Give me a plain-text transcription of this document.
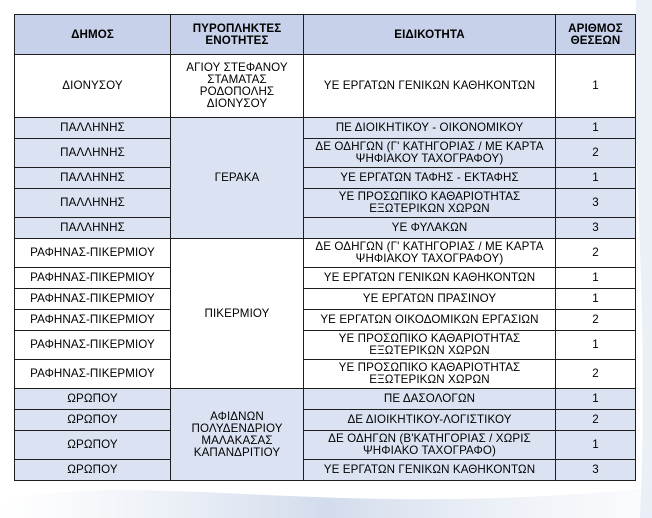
ΔΗΜΟΣ	ΠΥΡΟΠΛΗΚΤΕΣ ΕΝΟΤΗΤΕΣ	ΕΙΔΙΚΟΤΗΤΑ	ΑΡΙΘΜΟΣ ΘΕΣΕΩΝ
ΔΙΟΝΥΣΟΥ	ΑΓΙΟΥ ΣΤΕΦΑΝΟΥ ΣΤΑΜΑΤΑΣ ΡΟΔΟΠΟΛΗΣ ΔΙΟΝΥΣΟΥ	ΥΕ ΕΡΓΑΤΩΝ ΓΕΝΙΚΩΝ ΚΑΘΗΚΟΝΤΩΝ	1
ΠΑΛΛΗΝΗΣ	ΓΕΡΑΚΑ	ΠΕ ΔΙΟΙΚΗΤΙΚΟΥ - ΟΙΚΟΝΟΜΙΚΟΥ	1
ΠΑΛΛΗΝΗΣ		ΔΕ ΟΔΗΓΩΝ (Γ' ΚΑΤΗΓΟΡΙΑΣ / ΜΕ ΚΑΡΤΑ ΨΗΦΙΑΚΟΥ ΤΑΧΟΓΡΑΦΟΥ)	2
ΠΑΛΛΗΝΗΣ		ΥΕ ΕΡΓΑΤΩΝ ΤΑΦΗΣ - ΕΚΤΑΦΗΣ	1
ΠΑΛΛΗΝΗΣ		ΥΕ ΠΡΟΣΩΠΙΚΟ ΚΑΘΑΡΙΟΤΗΤΑΣ ΕΞΩΤΕΡΙΚΩΝ ΧΩΡΩΝ	3
ΠΑΛΛΗΝΗΣ		ΥΕ ΦΥΛΑΚΩΝ	3
ΡΑΦΗΝΑΣ-ΠΙΚΕΡΜΙΟΥ	ΠΙΚΕΡΜΙΟΥ	ΔΕ ΟΔΗΓΩΝ (Γ' ΚΑΤΗΓΟΡΙΑΣ / ΜΕ ΚΑΡΤΑ ΨΗΦΙΑΚΟΥ ΤΑΧΟΓΡΑΦΟΥ)	2
ΡΑΦΗΝΑΣ-ΠΙΚΕΡΜΙΟΥ		ΥΕ ΕΡΓΑΤΩΝ ΓΕΝΙΚΩΝ ΚΑΘΗΚΟΝΤΩΝ	1
ΡΑΦΗΝΑΣ-ΠΙΚΕΡΜΙΟΥ		ΥΕ ΕΡΓΑΤΩΝ ΠΡΑΣΙΝΟΥ	1
ΡΑΦΗΝΑΣ-ΠΙΚΕΡΜΙΟΥ		ΥΕ ΕΡΓΑΤΩΝ ΟΙΚΟΔΟΜΙΚΩΝ ΕΡΓΑΣΙΩΝ	2
ΡΑΦΗΝΑΣ-ΠΙΚΕΡΜΙΟΥ		ΥΕ ΠΡΟΣΩΠΙΚΟ ΚΑΘΑΡΙΟΤΗΤΑΣ ΕΞΩΤΕΡΙΚΩΝ ΧΩΡΩΝ	1
ΡΑΦΗΝΑΣ-ΠΙΚΕΡΜΙΟΥ		ΥΕ ΠΡΟΣΩΠΙΚΟ ΚΑΘΑΡΙΟΤΗΤΑΣ ΕΞΩΤΕΡΙΚΩΝ ΧΩΡΩΝ	2
ΩΡΩΠΟΥ	ΑΦΙΔΝΩΝ ΠΟΛΥΔΕΝΔΡΙΟΥ ΜΑΛΑΚΑΣΑΣ ΚΑΠΑΝΔΡΙΤΙΟΥ	ΠΕ ΔΑΣΟΛΟΓΩΝ	1
ΩΡΩΠΟΥ		ΔΕ ΔΙΟΙΚΗΤΙΚΟΥ-ΛΟΓΙΣΤΙΚΟΥ	2
ΩΡΩΠΟΥ		ΔΕ ΟΔΗΓΩΝ (Β'ΚΑΤΗΓΟΡΙΑΣ / ΧΩΡΙΣ ΨΗΦΙΑΚΟ ΤΑΧΟΓΡΑΦΟ)	1
ΩΡΩΠΟΥ		ΥΕ ΕΡΓΑΤΩΝ ΓΕΝΙΚΩΝ ΚΑΘΗΚΟΝΤΩΝ	3
